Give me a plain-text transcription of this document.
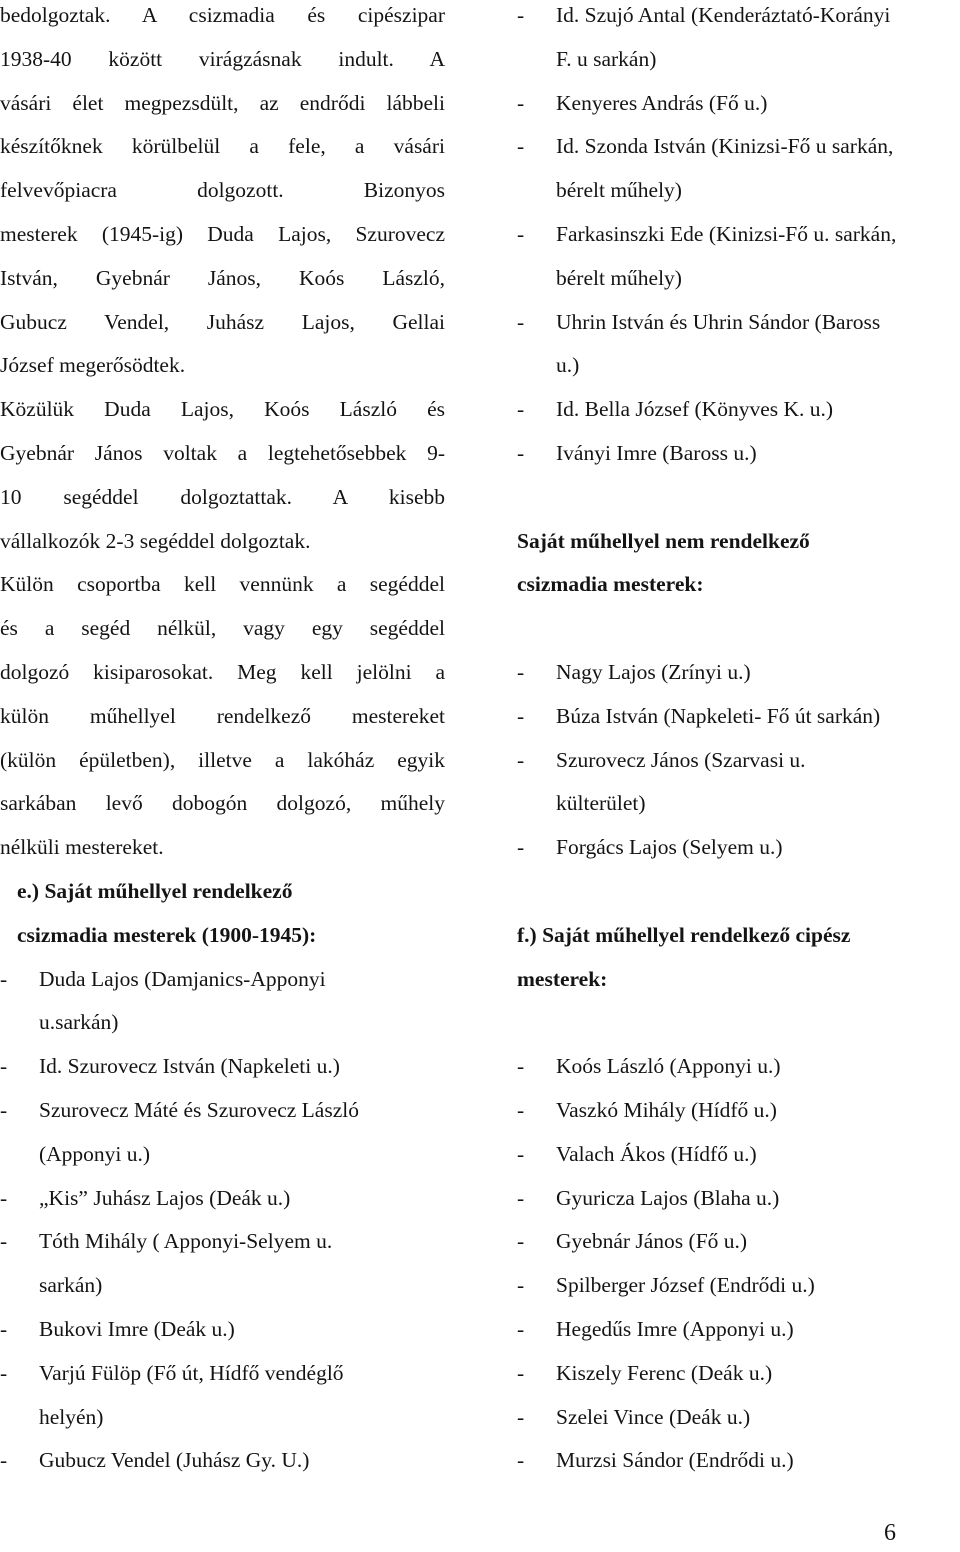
bedolgoztak. A csizmadia és cipészipar
1938-40 között virágzásnak indult. A
vásári élet megpezsdült, az endrődi lábbeli
készítőknek körülbelül a fele, a vásári
felvevőpiacra dolgozott. Bizonyos
mesterek (1945-ig) Duda Lajos, Szurovecz
István, Gyebnár János, Koós László,
Gubucz Vendel, Juhász Lajos, Gellai
József megerősödtek.
Közülük Duda Lajos, Koós László és
Gyebnár János voltak a legtehetősebbek 9-
10 segéddel dolgoztattak. A kisebb
vállalkozók 2-3 segéddel dolgoztak.
Külön csoportba kell vennünk a segéddel
és a segéd nélkül, vagy egy segéddel
dolgozó kisiparosokat. Meg kell jelölni a
külön műhellyel rendelkező mestereket
(külön épületben), illetve a lakóház egyik
sarkában levő dobogón dolgozó, műhely
nélküli mestereket.
e.) Saját műhellyel rendelkező
csizmadia mesterek (1900-1945):
-	Duda Lajos (Damjanics-Apponyi
u.sarkán)
-	Id. Szurovecz István (Napkeleti u.)
-	Szurovecz Máté és Szurovecz László
(Apponyi u.)
-	„Kis” Juhász Lajos (Deák u.)
-	Tóth Mihály ( Apponyi-Selyem u.
sarkán)
-	Bukovi Imre (Deák u.)
-	Varjú Fülöp (Fő út, Hídfő vendéglő
helyén)
-	Gubucz Vendel (Juhász Gy. U.)
-	Id. Szujó Antal (Kenderáztató-Korányi
F. u sarkán)
-	Kenyeres András (Fő u.)
-	Id. Szonda István (Kinizsi-Fő u sarkán,
bérelt műhely)
-	Farkasinszki Ede (Kinizsi-Fő u. sarkán,
bérelt műhely)
-	Uhrin István és Uhrin Sándor (Baross
u.)
-	Id. Bella József (Könyves K. u.)
-	Iványi Imre (Baross u.)
Saját műhellyel nem rendelkező
csizmadia mesterek:
-	Nagy Lajos (Zrínyi u.)
-	Búza István (Napkeleti- Fő út sarkán)
-	Szurovecz János (Szarvasi u.
külterület)
-	Forgács Lajos (Selyem u.)
f.) Saját műhellyel rendelkező cipész
mesterek:
-	Koós László (Apponyi u.)
-	Vaszkó Mihály (Hídfő u.)
-	Valach Ákos (Hídfő u.)
-	Gyuricza Lajos (Blaha u.)
-	Gyebnár János (Fő u.)
-	Spilberger József (Endrődi u.)
-	Hegedűs Imre (Apponyi u.)
-	Kiszely Ferenc (Deák u.)
-	Szelei Vince (Deák u.)
-	Murzsi Sándor (Endrődi u.)
6
